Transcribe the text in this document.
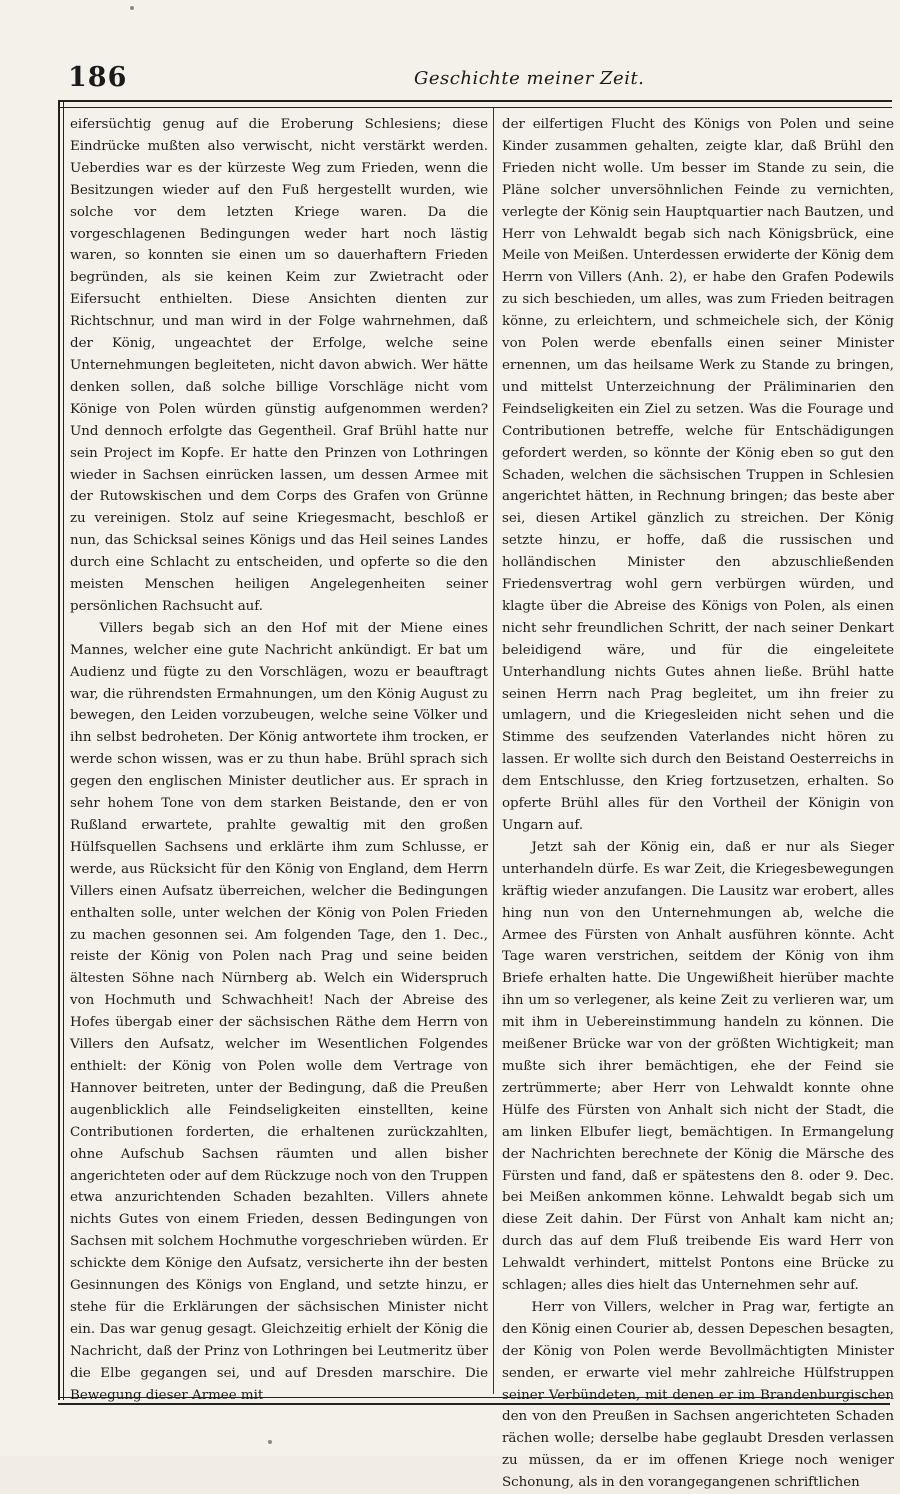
186	Geschichte meiner Zeit.

eifersüchtig genug auf die Eroberung Schlesiens; diese Eindrücke mußten also verwischt, nicht verstärkt werden. Ueberdies war es der kürzeste Weg zum Frieden, wenn die Besitzungen wieder auf den Fuß hergestellt wurden, wie solche vor dem letzten Kriege waren. Da die vorgeschlagenen Bedingungen weder hart noch lästig waren, so konnten sie einen um so dauerhaftern Frieden begründen, als sie keinen Keim zur Zwietracht oder Eifersucht enthielten. Diese Ansichten dienten zur Richtschnur, und man wird in der Folge wahrnehmen, daß der König, ungeachtet der Erfolge, welche seine Unternehmungen begleiteten, nicht davon abwich. Wer hätte denken sollen, daß solche billige Vorschläge nicht vom Könige von Polen würden günstig aufgenommen werden? Und dennoch erfolgte das Gegentheil. Graf Brühl hatte nur sein Project im Kopfe. Er hatte den Prinzen von Lothringen wieder in Sachsen einrücken lassen, um dessen Armee mit der Rutowskischen und dem Corps des Grafen von Grünne zu vereinigen. Stolz auf seine Kriegesmacht, beschloß er nun, das Schicksal seines Königs und das Heil seines Landes durch eine Schlacht zu entscheiden, und opferte so die den meisten Menschen heiligen Angelegenheiten seiner persönlichen Rachsucht auf.

Villers begab sich an den Hof mit der Miene eines Mannes, welcher eine gute Nachricht ankündigt. Er bat um Audienz und fügte zu den Vorschlägen, wozu er beauftragt war, die rührendsten Ermahnungen, um den König August zu bewegen, den Leiden vorzubeugen, welche seine Völker und ihn selbst bedroheten. Der König antwortete ihm trocken, er werde schon wissen, was er zu thun habe. Brühl sprach sich gegen den englischen Minister deutlicher aus. Er sprach in sehr hohem Tone von dem starken Beistande, den er von Rußland erwartete, prahlte gewaltig mit den großen Hülfsquellen Sachsens und erklärte ihm zum Schlusse, er werde, aus Rücksicht für den König von England, dem Herrn Villers einen Aufsatz überreichen, welcher die Bedingungen enthalten solle, unter welchen der König von Polen Frieden zu machen gesonnen sei. Am folgenden Tage, den 1. Dec., reiste der König von Polen nach Prag und seine beiden ältesten Söhne nach Nürnberg ab. Welch ein Widerspruch von Hochmuth und Schwachheit! Nach der Abreise des Hofes übergab einer der sächsischen Räthe dem Herrn von Villers den Aufsatz, welcher im Wesentlichen Folgendes enthielt: der König von Polen wolle dem Vertrage von Hannover beitreten, unter der Bedingung, daß die Preußen augenblicklich alle Feindseligkeiten einstellten, keine Contributionen forderten, die erhaltenen zurückzahlten, ohne Aufschub Sachsen räumten und allen bisher angerichteten oder auf dem Rückzuge noch von den Truppen etwa anzurichtenden Schaden bezahlten. Villers ahnete nichts Gutes von einem Frieden, dessen Bedingungen von Sachsen mit solchem Hochmuthe vorgeschrieben würden. Er schickte dem Könige den Aufsatz, versicherte ihn der besten Gesinnungen des Königs von England, und setzte hinzu, er stehe für die Erklärungen der sächsischen Minister nicht ein. Das war genug gesagt. Gleichzeitig erhielt der König die Nachricht, daß der Prinz von Lothringen bei Leutmeritz über die Elbe gegangen sei, und auf Dresden marschire. Die Bewegung dieser Armee mit

der eilfertigen Flucht des Königs von Polen und seine Kinder zusammen gehalten, zeigte klar, daß Brühl den Frieden nicht wolle. Um besser im Stande zu sein, die Pläne solcher unversöhnlichen Feinde zu vernichten, verlegte der König sein Hauptquartier nach Bautzen, und Herr von Lehwaldt begab sich nach Königsbrück, eine Meile von Meißen. Unterdessen erwiderte der König dem Herrn von Villers (Anh. 2), er habe den Grafen Podewils zu sich beschieden, um alles, was zum Frieden beitragen könne, zu erleichtern, und schmeichele sich, der König von Polen werde ebenfalls einen seiner Minister ernennen, um das heilsame Werk zu Stande zu bringen, und mittelst Unterzeichnung der Präliminarien den Feindseligkeiten ein Ziel zu setzen. Was die Fourage und Contributionen betreffe, welche für Entschädigungen gefordert werden, so könnte der König eben so gut den Schaden, welchen die sächsischen Truppen in Schlesien angerichtet hätten, in Rechnung bringen; das beste aber sei, diesen Artikel gänzlich zu streichen. Der König setzte hinzu, er hoffe, daß die russischen und holländischen Minister den abzuschließenden Friedensvertrag wohl gern verbürgen würden, und klagte über die Abreise des Königs von Polen, als einen nicht sehr freundlichen Schritt, der nach seiner Denkart beleidigend wäre, und für die eingeleitete Unterhandlung nichts Gutes ahnen ließe. Brühl hatte seinen Herrn nach Prag begleitet, um ihn freier zu umlagern, und die Kriegesleiden nicht sehen und die Stimme des seufzenden Vaterlandes nicht hören zu lassen. Er wollte sich durch den Beistand Oesterreichs in dem Entschlusse, den Krieg fortzusetzen, erhalten. So opferte Brühl alles für den Vortheil der Königin von Ungarn auf.

Jetzt sah der König ein, daß er nur als Sieger unterhandeln dürfe. Es war Zeit, die Kriegesbewegungen kräftig wieder anzufangen. Die Lausitz war erobert, alles hing nun von den Unternehmungen ab, welche die Armee des Fürsten von Anhalt ausführen könnte. Acht Tage waren verstrichen, seitdem der König von ihm Briefe erhalten hatte. Die Ungewißheit hierüber machte ihn um so verlegener, als keine Zeit zu verlieren war, um mit ihm in Uebereinstimmung handeln zu können. Die meißener Brücke war von der größten Wichtigkeit; man mußte sich ihrer bemächtigen, ehe der Feind sie zertrümmerte; aber Herr von Lehwaldt konnte ohne Hülfe des Fürsten von Anhalt sich nicht der Stadt, die am linken Elbufer liegt, bemächtigen. In Ermangelung der Nachrichten berechnete der König die Märsche des Fürsten und fand, daß er spätestens den 8. oder 9. Dec. bei Meißen ankommen könne. Lehwaldt begab sich um diese Zeit dahin. Der Fürst von Anhalt kam nicht an; durch das auf dem Fluß treibende Eis ward Herr von Lehwaldt verhindert, mittelst Pontons eine Brücke zu schlagen; alles dies hielt das Unternehmen sehr auf.

Herr von Villers, welcher in Prag war, fertigte an den König einen Courier ab, dessen Depeschen besagten, der König von Polen werde Bevollmächtigten Minister senden, er erwarte viel mehr zahlreiche Hülfstruppen seiner Verbündeten, mit denen er im Brandenburgischen den von den Preußen in Sachsen angerichteten Schaden rächen wolle; derselbe habe geglaubt Dresden verlassen zu müssen, da er im offenen Kriege noch weniger Schonung, als in den vorangegangenen schriftlichen
